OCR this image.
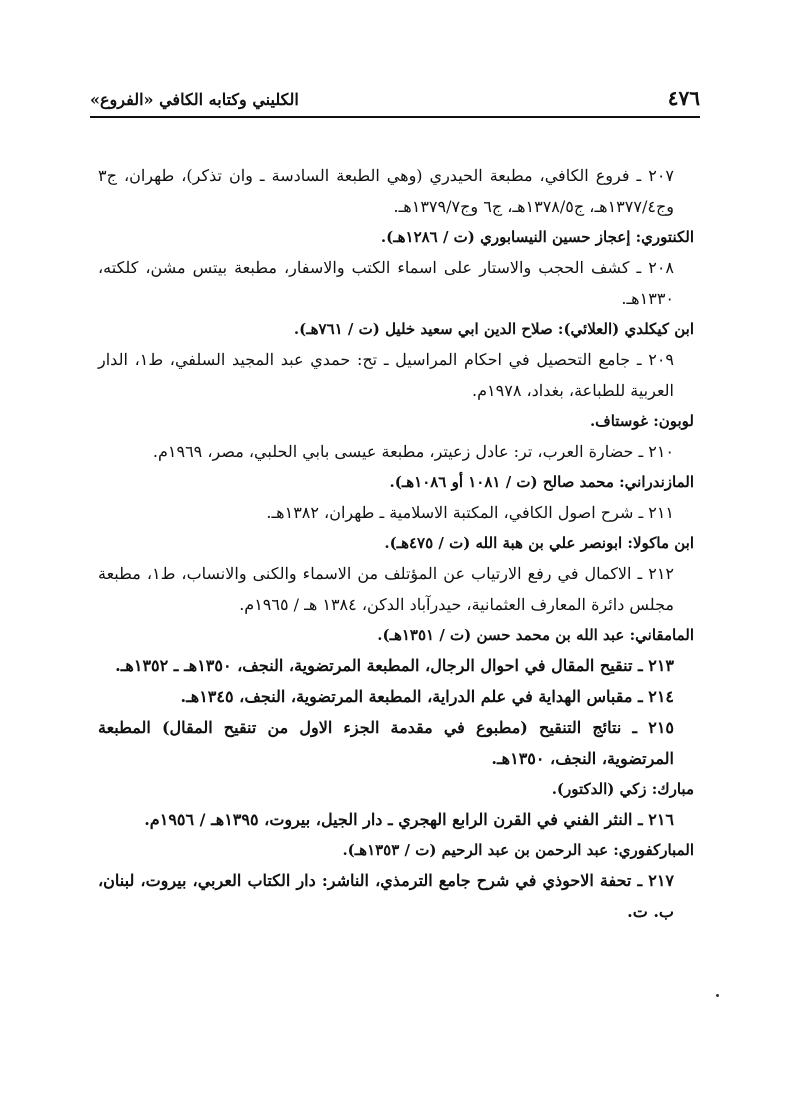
٤٧٦
الكليني وكتابه الكافي «الفروع»

٢٠٧ ـ فروع الكافي، مطبعة الحيدري (وهي الطبعة السادسة ـ وان تذكر)، طهران، ج٣ وج١٣٧٧/٤هـ، ج١٣٧٨/٥هـ، ج٦ وج١٣٧٩/٧هـ.

الكنتوري: إعجاز حسين النيسابوري (ت / ١٢٨٦هـ).

٢٠٨ ـ كشف الحجب والاستار على اسماء الكتب والاسفار، مطبعة بيتس مشن، كلكته، ١٣٣٠هـ.

ابن كيكلدي (العلائي): صلاح الدين ابي سعيد خليل (ت / ٧٦١هـ).

٢٠٩ ـ جامع التحصيل في احكام المراسيل ـ تح: حمدي عبد المجيد السلفي، ط١، الدار العربية للطباعة، بغداد، ١٩٧٨م.

لوبون: غوستاف.

٢١٠ ـ حضارة العرب، تر: عادل زعيتر، مطبعة عيسى بابي الحلبي، مصر، ١٩٦٩م.

المازندراني: محمد صالح (ت / ١٠٨١ أو ١٠٨٦هـ).

٢١١ ـ شرح اصول الكافي، المكتبة الاسلامية ـ طهران، ١٣٨٢هـ.

ابن ماكولا: ابونصر علي بن هبة الله (ت / ٤٧٥هـ).

٢١٢ ـ الاكمال في رفع الارتياب عن المؤتلف من الاسماء والكنى والانساب، ط١، مطبعة مجلس دائرة المعارف العثمانية، حيدرآباد الدكن، ١٣٨٤ هـ / ١٩٦٥م.

المامقاني: عبد الله بن محمد حسن (ت / ١٣٥١هـ).

٢١٣ ـ تنقيح المقال في احوال الرجال، المطبعة المرتضوية، النجف، ١٣٥٠هـ ـ ١٣٥٢هـ.

٢١٤ ـ مقباس الهداية في علم الدراية، المطبعة المرتضوية، النجف، ١٣٤٥هـ.

٢١٥ ـ نتائج التنقيح (مطبوع في مقدمة الجزء الاول من تنقيح المقال) المطبعة المرتضوية، النجف، ١٣٥٠هـ.

مبارك: زكي (الدكتور).

٢١٦ ـ النثر الفني في القرن الرابع الهجري ـ دار الجيل، بيروت، ١٣٩٥هـ / ١٩٥٦م.

المباركفوري: عبد الرحمن بن عبد الرحيم (ت / ١٣٥٣هـ).

٢١٧ ـ تحفة الاحوذي في شرح جامع الترمذي، الناشر: دار الكتاب العربي، بيروت، لبنان، ب. ت.
